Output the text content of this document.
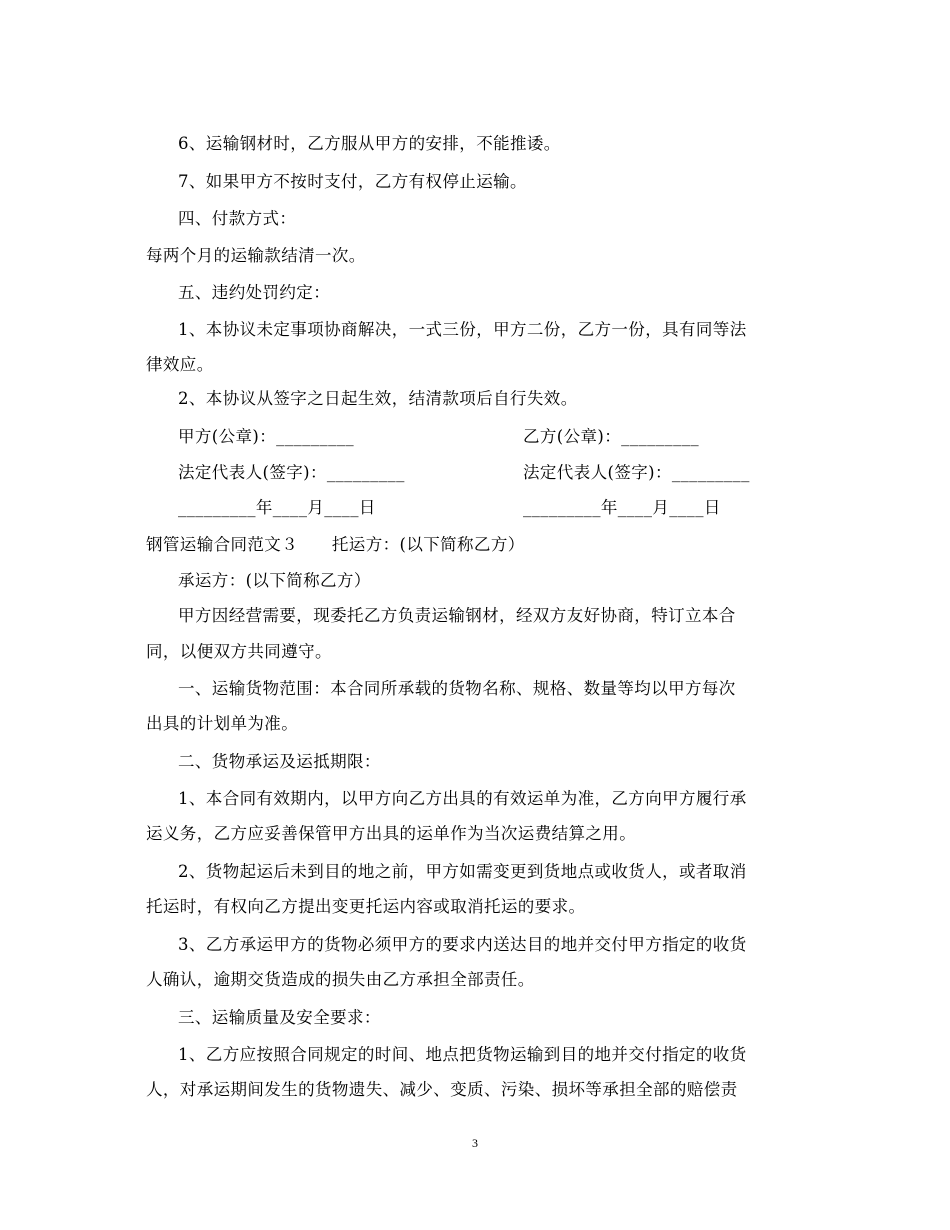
6、运输钢材时，乙方服从甲方的安排，不能推诿。
7、如果甲方不按时支付，乙方有权停止运输。
四、付款方式：
每两个月的运输款结清一次。
五、违约处罚约定：
1、本协议未定事项协商解决，一式三份，甲方二份，乙方一份，具有同等法
律效应。
2、本协议从签字之日起生效，结清款项后自行失效。
甲方(公章)：_________	乙方(公章)：_________
法定代表人(签字)：_________	法定代表人(签字)：_________
_________年____月____日	_________年____月____日
钢管运输合同范文３　　托运方：(以下简称乙方）
承运方：(以下简称乙方）
甲方因经营需要，现委托乙方负责运输钢材，经双方友好协商，特订立本合
同，以便双方共同遵守。
一、运输货物范围：本合同所承载的货物名称、规格、数量等均以甲方每次
出具的计划单为准。
二、货物承运及运抵期限：
1、本合同有效期内，以甲方向乙方出具的有效运单为准，乙方向甲方履行承
运义务，乙方应妥善保管甲方出具的运单作为当次运费结算之用。
2、货物起运后未到目的地之前，甲方如需变更到货地点或收货人，或者取消
托运时，有权向乙方提出变更托运内容或取消托运的要求。
3、乙方承运甲方的货物必须甲方的要求内送达目的地并交付甲方指定的收货
人确认，逾期交货造成的损失由乙方承担全部责任。
三、运输质量及安全要求：
1、乙方应按照合同规定的时间、地点把货物运输到目的地并交付指定的收货
人，对承运期间发生的货物遗失、减少、变质、污染、损坏等承担全部的赔偿责
3
